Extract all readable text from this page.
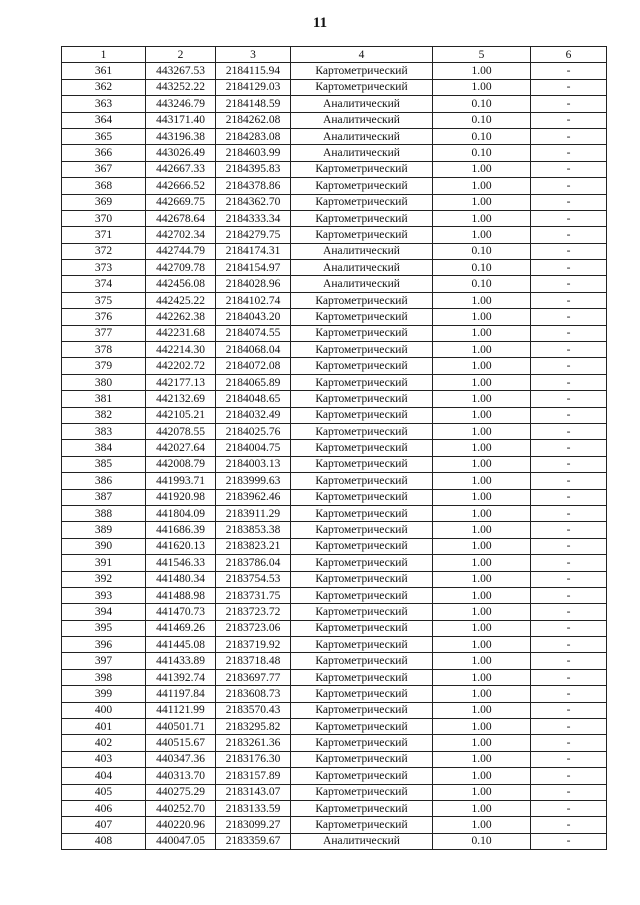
11
1	2	3	4	5	6
361	443267.53	2184115.94	Картометрический	1.00	-
362	443252.22	2184129.03	Картометрический	1.00	-
363	443246.79	2184148.59	Аналитический	0.10	-
364	443171.40	2184262.08	Аналитический	0.10	-
365	443196.38	2184283.08	Аналитический	0.10	-
366	443026.49	2184603.99	Аналитический	0.10	-
367	442667.33	2184395.83	Картометрический	1.00	-
368	442666.52	2184378.86	Картометрический	1.00	-
369	442669.75	2184362.70	Картометрический	1.00	-
370	442678.64	2184333.34	Картометрический	1.00	-
371	442702.34	2184279.75	Картометрический	1.00	-
372	442744.79	2184174.31	Аналитический	0.10	-
373	442709.78	2184154.97	Аналитический	0.10	-
374	442456.08	2184028.96	Аналитический	0.10	-
375	442425.22	2184102.74	Картометрический	1.00	-
376	442262.38	2184043.20	Картометрический	1.00	-
377	442231.68	2184074.55	Картометрический	1.00	-
378	442214.30	2184068.04	Картометрический	1.00	-
379	442202.72	2184072.08	Картометрический	1.00	-
380	442177.13	2184065.89	Картометрический	1.00	-
381	442132.69	2184048.65	Картометрический	1.00	-
382	442105.21	2184032.49	Картометрический	1.00	-
383	442078.55	2184025.76	Картометрический	1.00	-
384	442027.64	2184004.75	Картометрический	1.00	-
385	442008.79	2184003.13	Картометрический	1.00	-
386	441993.71	2183999.63	Картометрический	1.00	-
387	441920.98	2183962.46	Картометрический	1.00	-
388	441804.09	2183911.29	Картометрический	1.00	-
389	441686.39	2183853.38	Картометрический	1.00	-
390	441620.13	2183823.21	Картометрический	1.00	-
391	441546.33	2183786.04	Картометрический	1.00	-
392	441480.34	2183754.53	Картометрический	1.00	-
393	441488.98	2183731.75	Картометрический	1.00	-
394	441470.73	2183723.72	Картометрический	1.00	-
395	441469.26	2183723.06	Картометрический	1.00	-
396	441445.08	2183719.92	Картометрический	1.00	-
397	441433.89	2183718.48	Картометрический	1.00	-
398	441392.74	2183697.77	Картометрический	1.00	-
399	441197.84	2183608.73	Картометрический	1.00	-
400	441121.99	2183570.43	Картометрический	1.00	-
401	440501.71	2183295.82	Картометрический	1.00	-
402	440515.67	2183261.36	Картометрический	1.00	-
403	440347.36	2183176.30	Картометрический	1.00	-
404	440313.70	2183157.89	Картометрический	1.00	-
405	440275.29	2183143.07	Картометрический	1.00	-
406	440252.70	2183133.59	Картометрический	1.00	-
407	440220.96	2183099.27	Картометрический	1.00	-
408	440047.05	2183359.67	Аналитический	0.10	-
